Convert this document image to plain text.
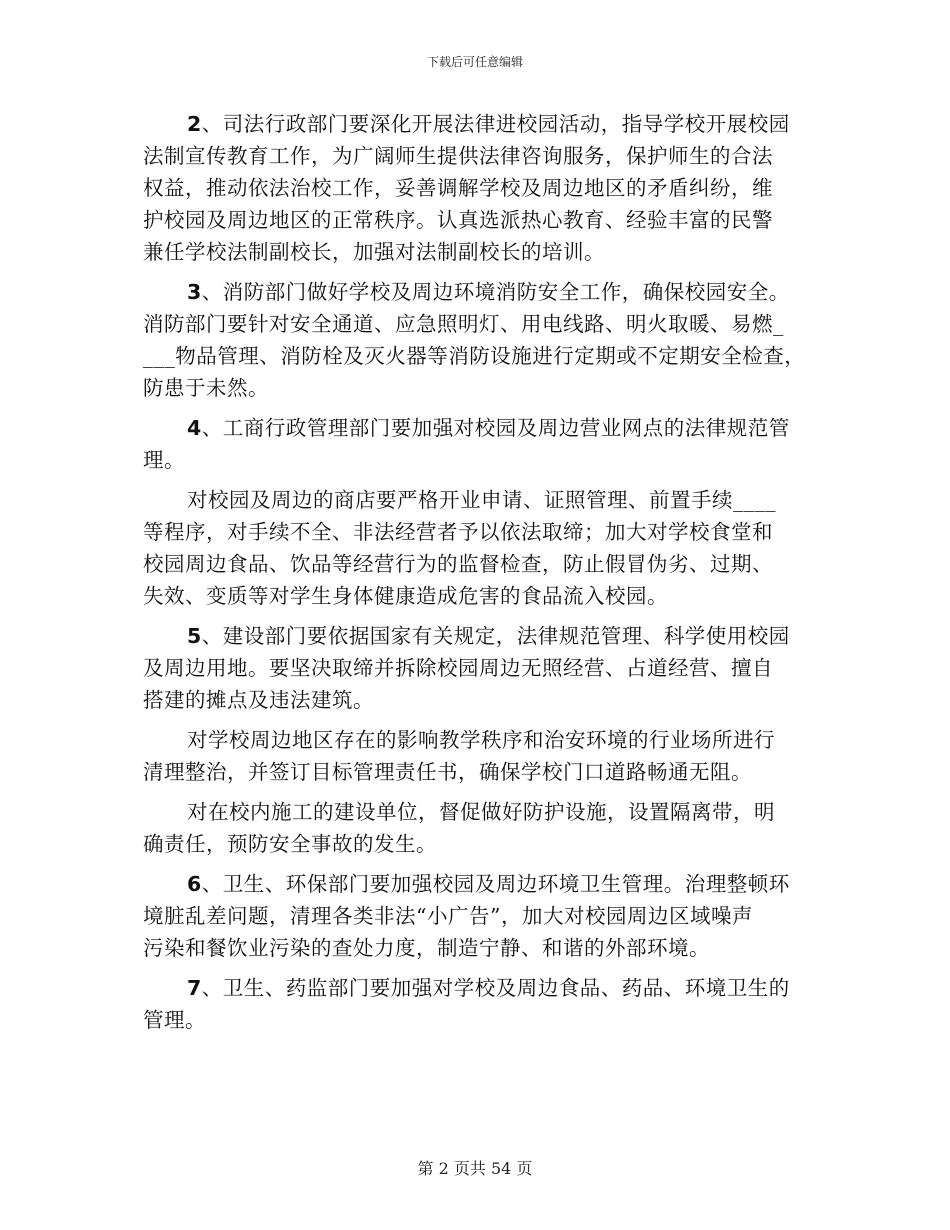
下载后可任意编辑
2、司法行政部门要深化开展法律进校园活动，指导学校开展校园
法制宣传教育工作，为广阔师生提供法律咨询服务，保护师生的合法
权益，推动依法治校工作，妥善调解学校及周边地区的矛盾纠纷，维
护校园及周边地区的正常秩序。认真选派热心教育、经验丰富的民警
兼任学校法制副校长，加强对法制副校长的培训。
3、消防部门做好学校及周边环境消防安全工作，确保校园安全。
消防部门要针对安全通道、应急照明灯、用电线路、明火取暖、易燃_
___物品管理、消防栓及灭火器等消防设施进行定期或不定期安全检查，
防患于未然。
4、工商行政管理部门要加强对校园及周边营业网点的法律规范管
理。
对校园及周边的商店要严格开业申请、证照管理、前置手续____
等程序，对手续不全、非法经营者予以依法取缔；加大对学校食堂和
校园周边食品、饮品等经营行为的监督检查，防止假冒伪劣、过期、
失效、变质等对学生身体健康造成危害的食品流入校园。
5、建设部门要依据国家有关规定，法律规范管理、科学使用校园
及周边用地。要坚决取缔并拆除校园周边无照经营、占道经营、擅自
搭建的摊点及违法建筑。
对学校周边地区存在的影响教学秩序和治安环境的行业场所进行
清理整治，并签订目标管理责任书，确保学校门口道路畅通无阻。
对在校内施工的建设单位，督促做好防护设施，设置隔离带，明
确责任，预防安全事故的发生。
6、卫生、环保部门要加强校园及周边环境卫生管理。治理整顿环
境脏乱差问题，清理各类非法“小广告”，加大对校园周边区域噪声
污染和餐饮业污染的查处力度，制造宁静、和谐的外部环境。
7、卫生、药监部门要加强对学校及周边食品、药品、环境卫生的
管理。
第 2 页共 54 页
